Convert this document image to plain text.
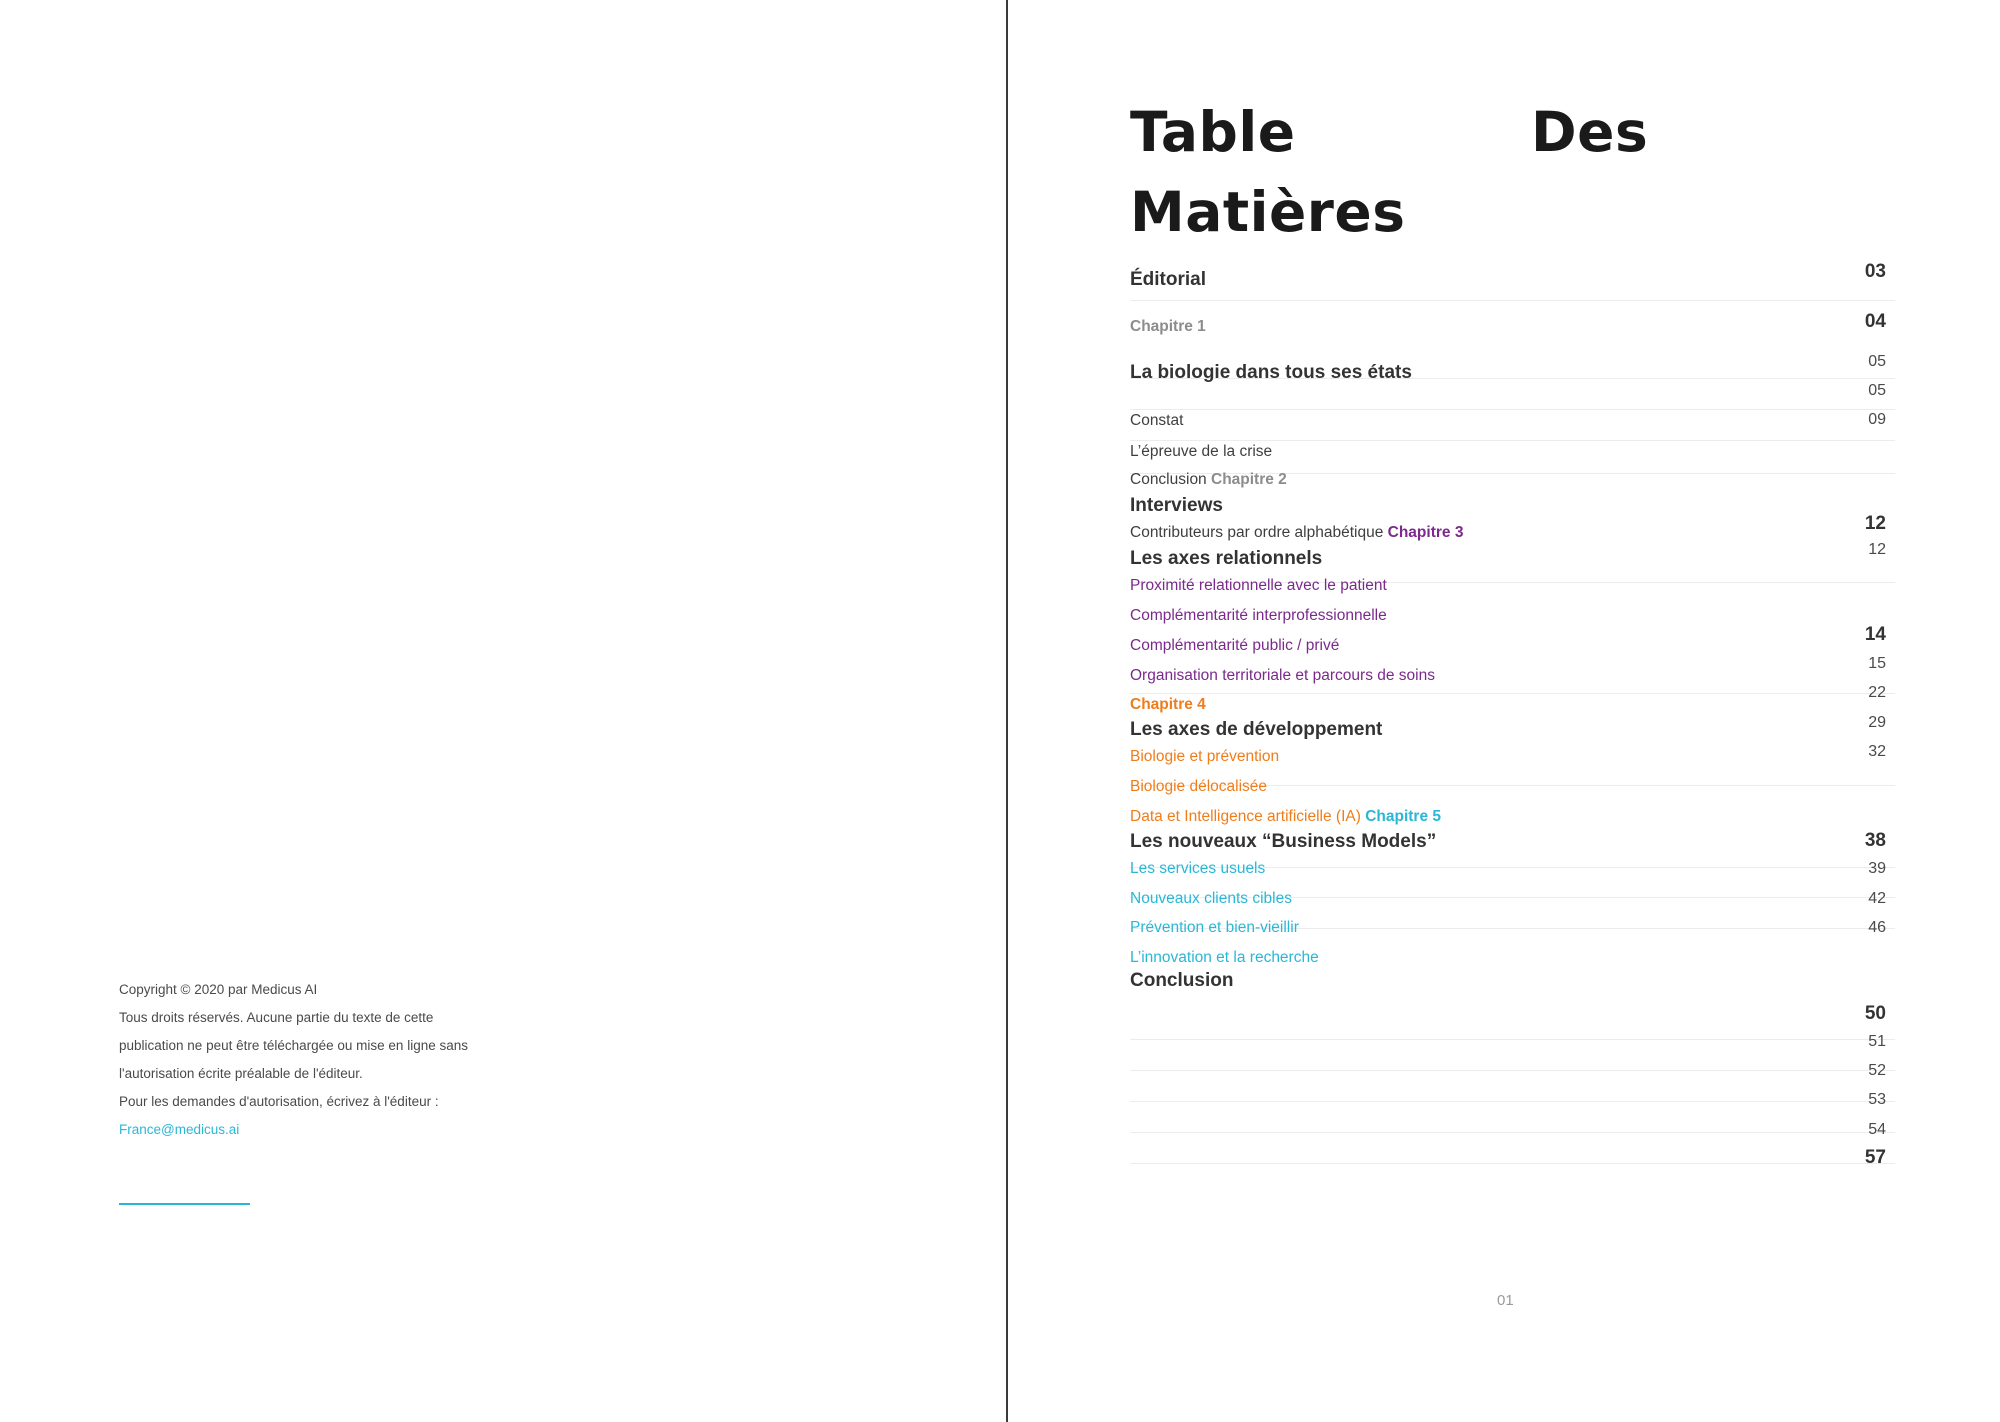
Copyright © 2020 par Medicus AI
Tous droits réservés. Aucune partie du texte de cette
publication ne peut être téléchargée ou mise en ligne sans
l'autorisation écrite préalable de l'éditeur.
Pour les demandes d'autorisation, écrivez à l'éditeur :
France@medicus.ai
Table	Des
Matières
Éditorial
Chapitre 1
La biologie dans tous ses états
Constat
L’épreuve de la crise
Conclusion Chapitre 2
Interviews
Contributeurs par ordre alphabétique Chapitre 3
Les axes relationnels
Proximité relationnelle avec le patient
Complémentarité interprofessionnelle
Complémentarité public / privé
Organisation territoriale et parcours de soins
Chapitre 4
Les axes de développement
Biologie et prévention
Biologie délocalisée
Data et Intelligence artificielle (IA) Chapitre 5
Les nouveaux “Business Models”
Les services usuels
Nouveaux clients cibles
Prévention et bien-vieillir
L’innovation et la recherche
Conclusion
03
04
05
05
09
12
12
14
15
22
29
32
38
39
42
46
50
51
52
53
54
57
01
